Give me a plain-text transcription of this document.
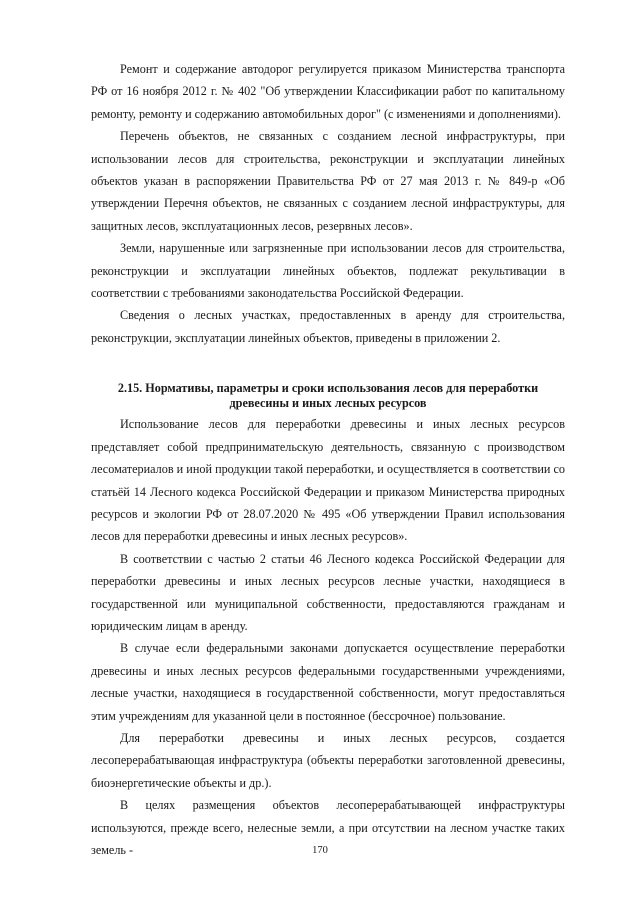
Ремонт и содержание автодорог регулируется приказом Министерства транспорта РФ от 16 ноября 2012 г. № 402 "Об утверждении Классификации работ по капитальному ремонту, ремонту и содержанию автомобильных дорог" (с изменениями и дополнениями).

Перечень объектов, не связанных с созданием лесной инфраструктуры, при использовании лесов для строительства, реконструкции и эксплуатации линейных объектов указан в распоряжении Правительства РФ от 27 мая 2013 г. № 849-р «Об утверждении Перечня объектов, не связанных с созданием лесной инфраструктуры, для защитных лесов, эксплуатационных лесов, резервных лесов».

Земли, нарушенные или загрязненные при использовании лесов для строительства, реконструкции и эксплуатации линейных объектов, подлежат рекультивации в соответствии с требованиями законодательства Российской Федерации.

Сведения о лесных участках, предоставленных в аренду для строительства, реконструкции, эксплуатации линейных объектов, приведены в приложении 2.

2.15. Нормативы, параметры и сроки использования лесов для переработки
древесины и иных лесных ресурсов

Использование лесов для переработки древесины и иных лесных ресурсов представляет собой предпринимательскую деятельность, связанную с производством лесоматериалов и иной продукции такой переработки, и осуществляется в соответствии со статьёй 14 Лесного кодекса Российской Федерации и приказом Министерства природных ресурсов и экологии РФ от 28.07.2020 № 495 «Об утверждении Правил использования лесов для переработки древесины и иных лесных ресурсов».

В соответствии с частью 2 статьи 46 Лесного кодекса Российской Федерации для переработки древесины и иных лесных ресурсов лесные участки, находящиеся в государственной или муниципальной собственности, предоставляются гражданам и юридическим лицам в аренду.

В случае если федеральными законами допускается осуществление переработки древесины и иных лесных ресурсов федеральными государственными учреждениями, лесные участки, находящиеся в государственной собственности, могут предоставляться этим учреждениям для указанной цели в постоянное (бессрочное) пользование.

Для переработки древесины и иных лесных ресурсов, создается лесоперерабатывающая инфраструктура (объекты переработки заготовленной древесины, биоэнергетические объекты и др.).

В целях размещения объектов лесоперерабатывающей инфраструктуры используются, прежде всего, нелесные земли, а при отсутствии на лесном участке таких земель -	170
